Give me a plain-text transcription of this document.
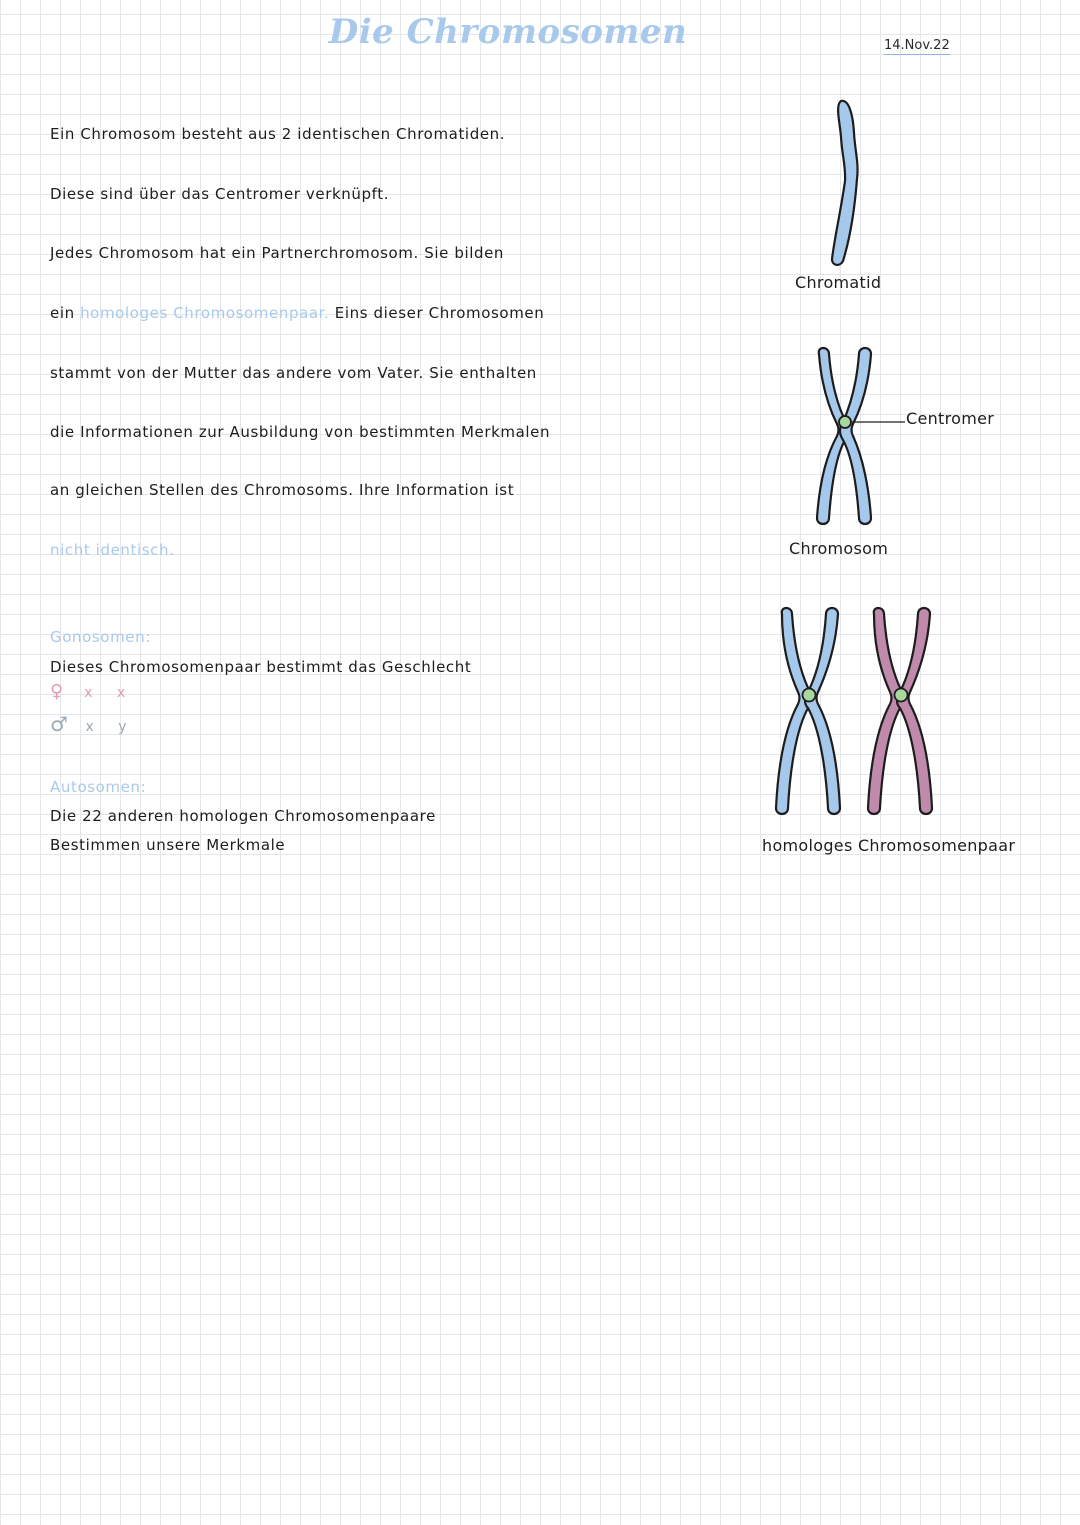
Die Chromosomen	14.Nov.22
Ein Chromosom besteht aus 2 identischen Chromatiden.
Diese sind über das Centromer verknüpft.
Jedes Chromosom hat ein Partnerchromosom. Sie bilden
ein homologes Chromosomenpaar. Eins dieser Chromosomen
stammt von der Mutter das andere vom Vater. Sie enthalten
die Informationen zur Ausbildung von bestimmten Merkmalen
an gleichen Stellen des Chromosoms. Ihre Information ist
nicht identisch.
Gonosomen:
Dieses Chromosomenpaar bestimmt das Geschlecht
♀ x x
♂ x y
Autosomen:
Die 22 anderen homologen Chromosomenpaare
Bestimmen unsere Merkmale
Chromatid
Centromer
Chromosom
homologes Chromosomenpaar
